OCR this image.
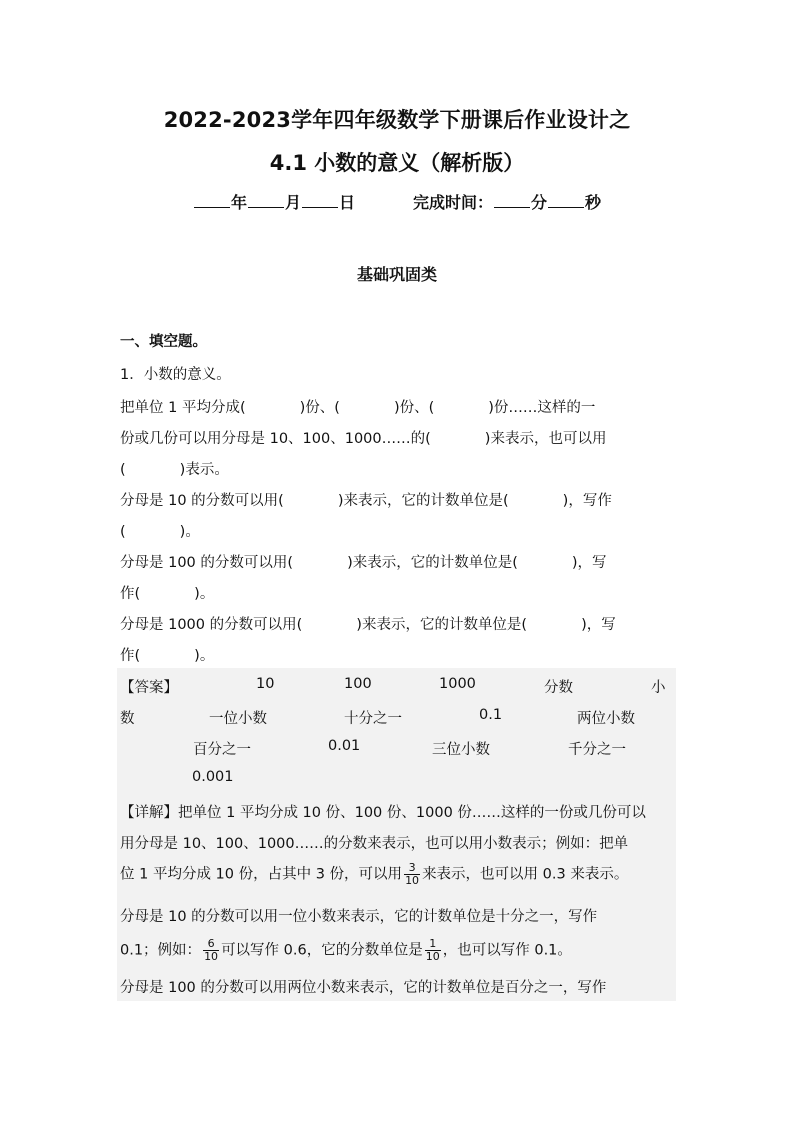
2022-2023学年四年级数学下册课后作业设计之
4.1 小数的意义（解析版）
年 月 日	完成时间： 分 秒
基础巩固类
一、填空题。
1．小数的意义。
把单位 1 平均分成(	)份、(	)份、(	)份……这样的一
份或几份可以用分母是 10、100、1000……的(	)来表示，也可以用
(	)表示。
分母是 10 的分数可以用(	)来表示，它的计数单位是(	)，写作
(	)。
分母是 100 的分数可以用(	)来表示，它的计数单位是(	)，写
作(	)。
分母是 1000 的分数可以用(	)来表示，它的计数单位是(	)，写
作(	)。
【答案】	10	100	1000	分数	小
数	一位小数	十分之一	0.1	两位小数
百分之一	0.01	三位小数	千分之一
0.001
【详解】把单位 1 平均分成 10 份、100 份、1000 份……这样的一份或几份可以
用分母是 10、100、1000……的分数来表示，也可以用小数表示；例如：把单
位 1 平均分成 10 份，占其中 3 份，可以用 $\frac{3}{10}$ 来表示，也可以用 0.3 来表示。
分母是 10 的分数可以用一位小数来表示，它的计数单位是十分之一，写作
0.1；例如： $\frac{6}{10}$ 可以写作 0.6，它的分数单位是 $\frac{1}{10}$ ，也可以写作 0.1。
分母是 100 的分数可以用两位小数来表示，它的计数单位是百分之一，写作
